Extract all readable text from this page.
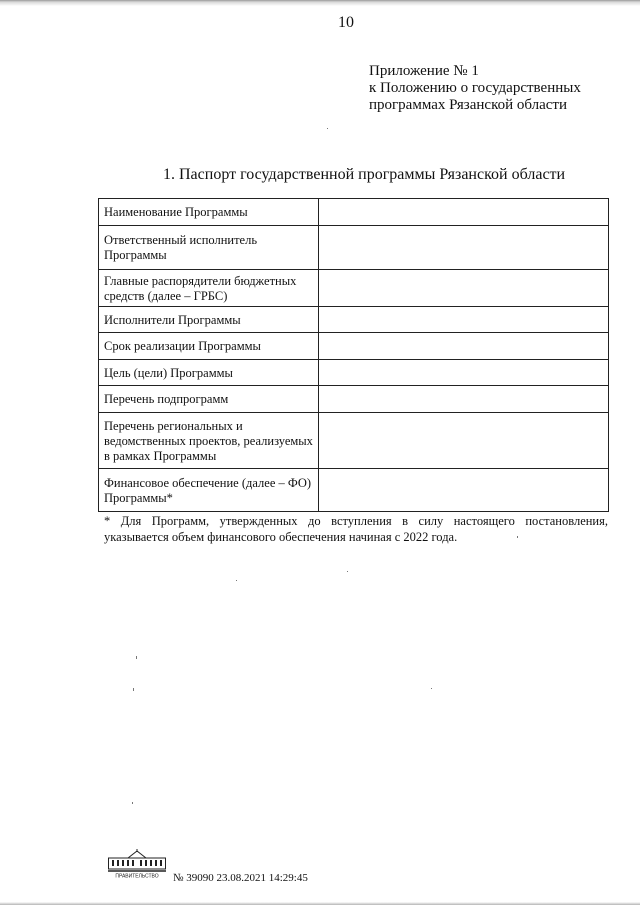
10
Приложение № 1
к Положению о государственных
программах Рязанской области
1. Паспорт государственной программы Рязанской области
Наименование Программы	
Ответственный исполнитель Программы	
Главные распорядители бюджетных средств (далее – ГРБС)	
Исполнители Программы	
Срок реализации Программы	
Цель (цели) Программы	
Перечень подпрограмм	
Перечень региональных и ведомственных проектов, реализуемых в рамках Программы	
Финансовое обеспечение (далее – ФО) Программы*	
* Для Программ, утвержденных до вступления в силу настоящего постановления, указывается объем финансового обеспечения начиная с 2022 года.
ПРАВИТЕЛЬСТВО № 39090 23.08.2021 14:29:45
